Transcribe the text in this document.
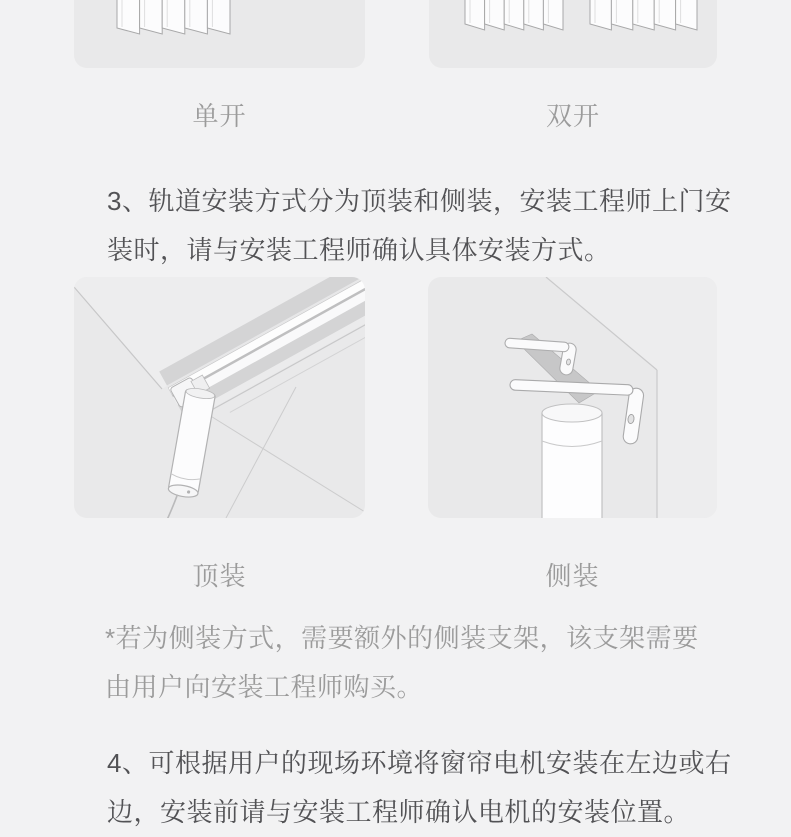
单开	双开
3、轨道安装方式分为顶装和侧装，安装工程师上门安
装时，请与安装工程师确认具体安装方式。
顶装	侧装
*若为侧装方式，需要额外的侧装支架，该支架需要
由用户向安装工程师购买。
4、可根据用户的现场环境将窗帘电机安装在左边或右
边，安装前请与安装工程师确认电机的安装位置。
